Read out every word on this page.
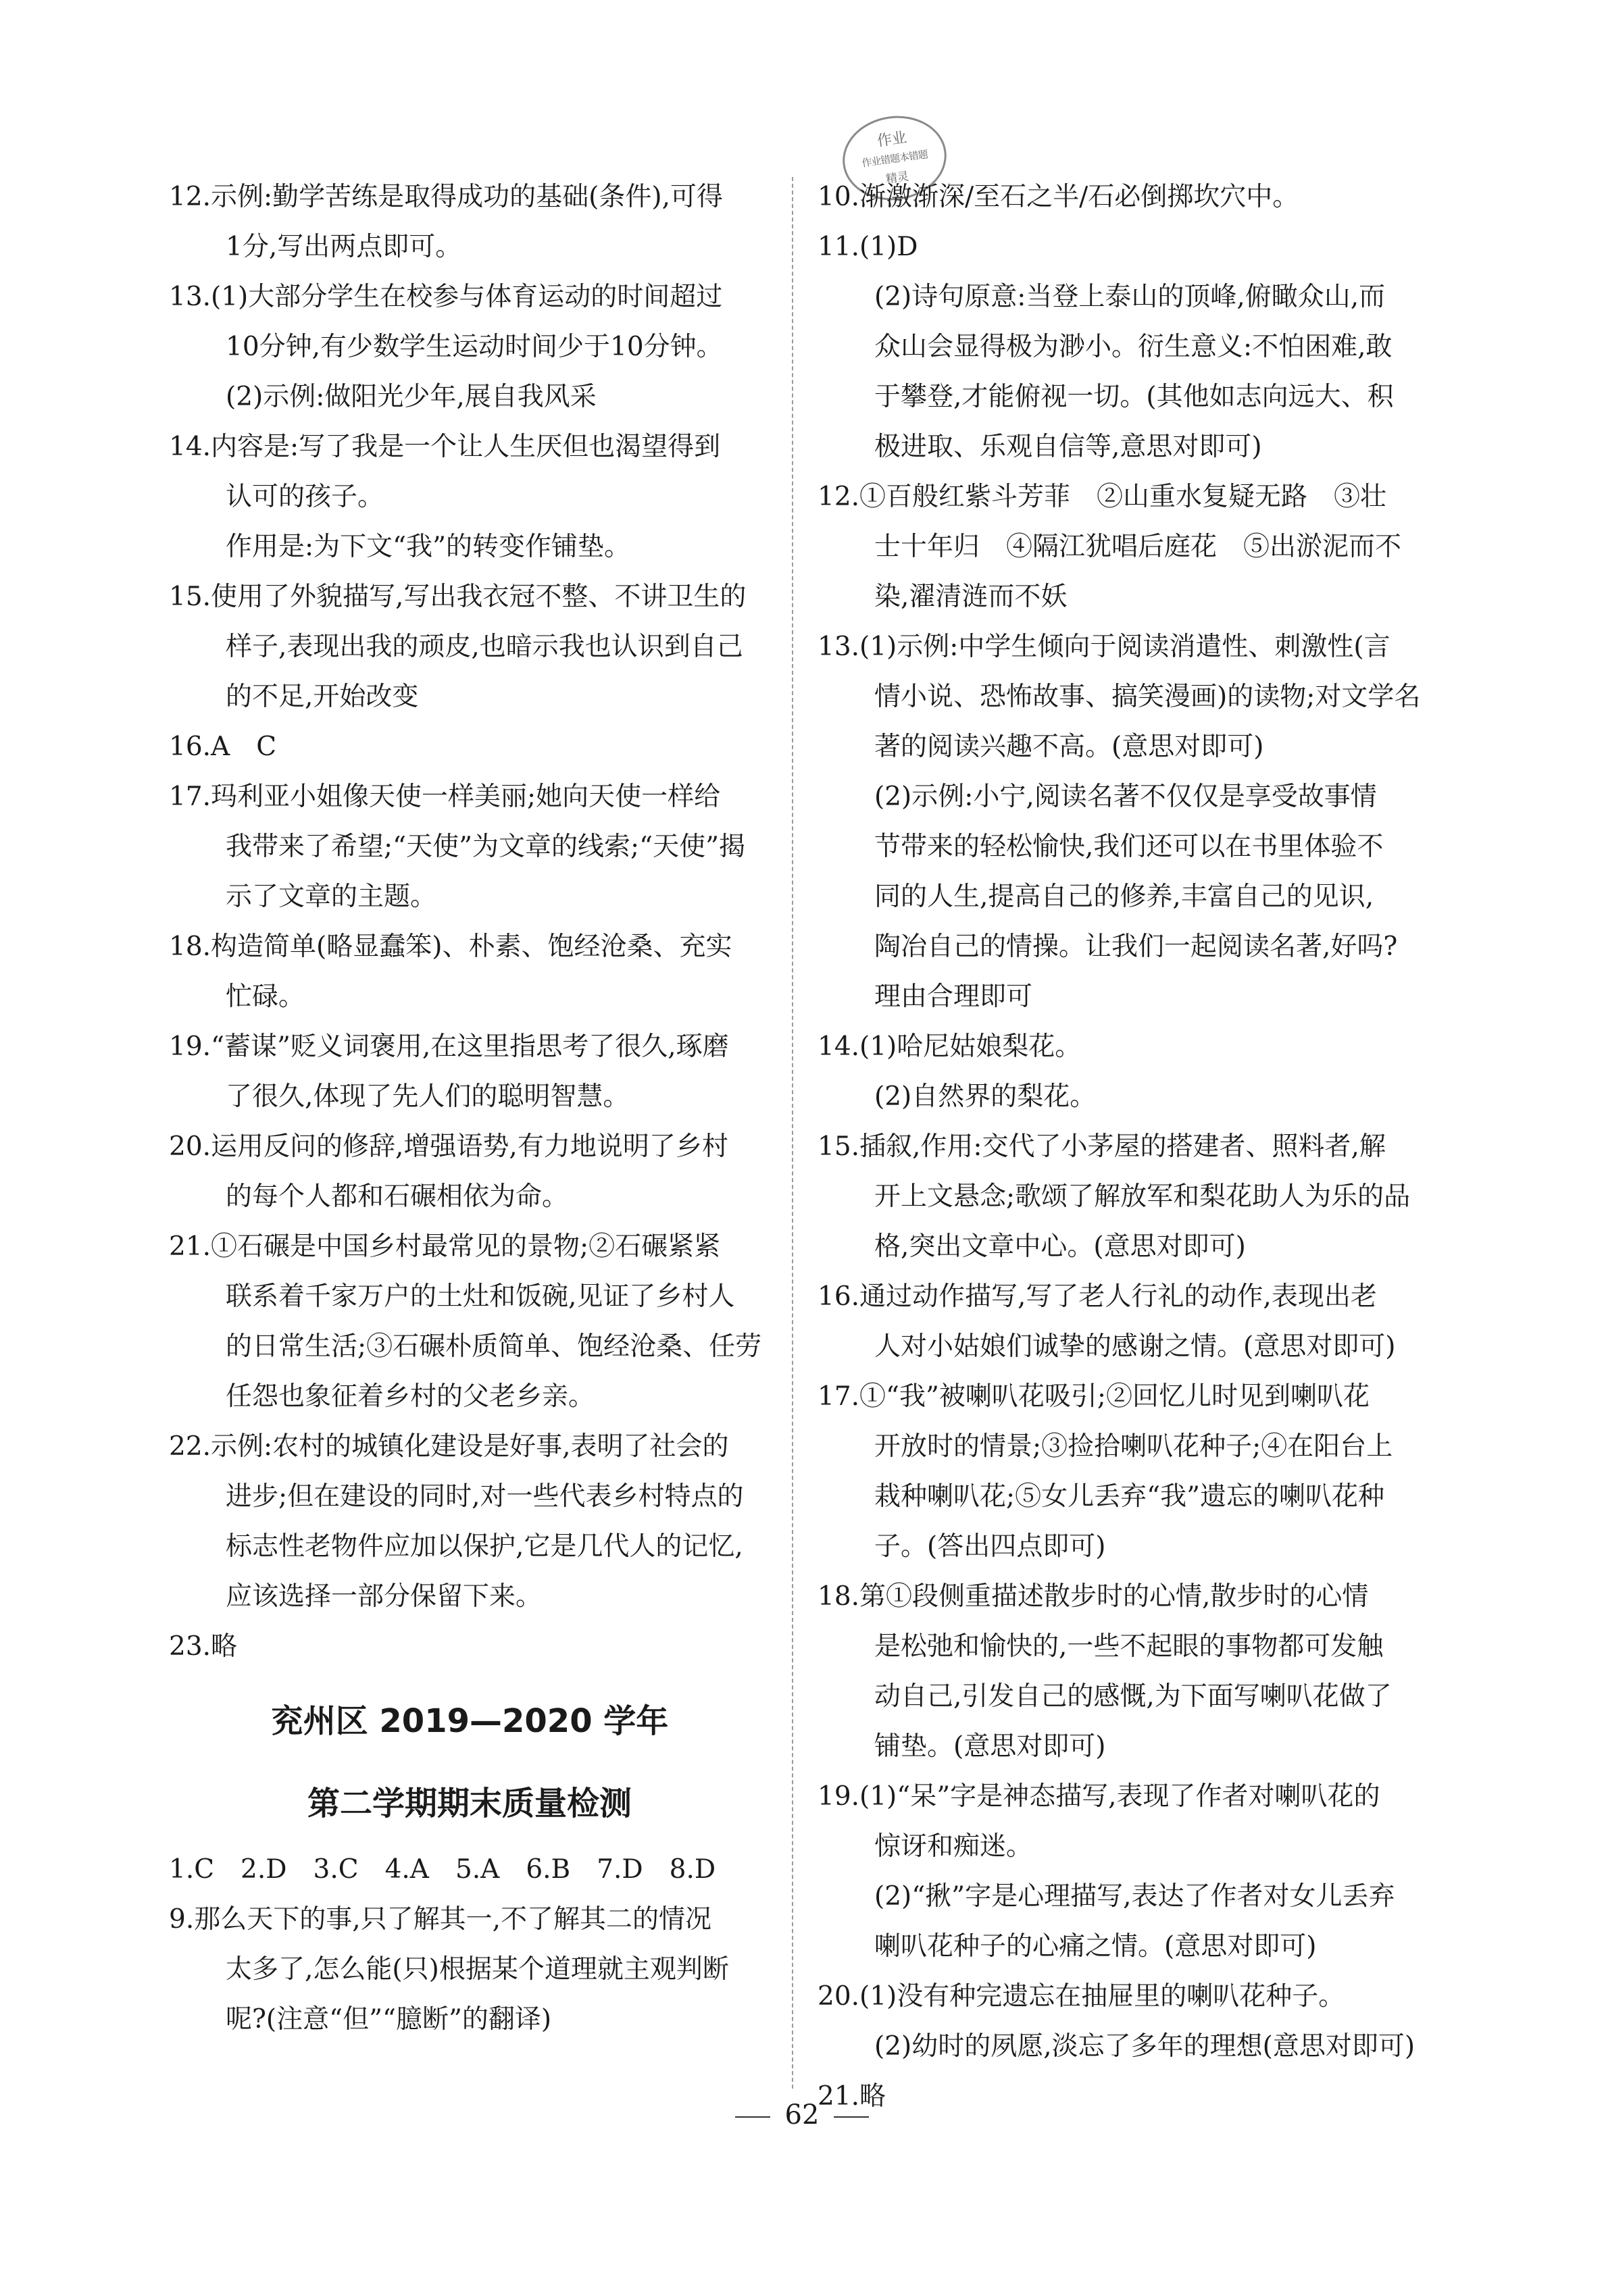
作业
作业错题本错题
精灵
12.示例:勤学苦练是取得成功的基础(条件),可得
1分,写出两点即可。
13.(1)大部分学生在校参与体育运动的时间超过
10分钟,有少数学生运动时间少于10分钟。
(2)示例:做阳光少年,展自我风采
14.内容是:写了我是一个让人生厌但也渴望得到
认可的孩子。
作用是:为下文“我”的转变作铺垫。
15.使用了外貌描写,写出我衣冠不整、不讲卫生的
样子,表现出我的顽皮,也暗示我也认识到自己
的不足,开始改变
16.A　C
17.玛利亚小姐像天使一样美丽;她向天使一样给
我带来了希望;“天使”为文章的线索;“天使”揭
示了文章的主题。
18.构造简单(略显蠢笨)、朴素、饱经沧桑、充实
忙碌。
19.“蓄谋”贬义词褒用,在这里指思考了很久,琢磨
了很久,体现了先人们的聪明智慧。
20.运用反问的修辞,增强语势,有力地说明了乡村
的每个人都和石碾相依为命。
21.①石碾是中国乡村最常见的景物;②石碾紧紧
联系着千家万户的土灶和饭碗,见证了乡村人
的日常生活;③石碾朴质简单、饱经沧桑、任劳
任怨也象征着乡村的父老乡亲。
22.示例:农村的城镇化建设是好事,表明了社会的
进步;但在建设的同时,对一些代表乡村特点的
标志性老物件应加以保护,它是几代人的记忆,
应该选择一部分保留下来。
23.略
兖州区 2019—2020 学年
第二学期期末质量检测
1.C　2.D　3.C　4.A　5.A　6.B　7.D　8.D
9.那么天下的事,只了解其一,不了解其二的情况
太多了,怎么能(只)根据某个道理就主观判断
呢?(注意“但”“臆断”的翻译)
10.渐激渐深/至石之半/石必倒掷坎穴中。
11.(1)D
(2)诗句原意:当登上泰山的顶峰,俯瞰众山,而
众山会显得极为渺小。衍生意义:不怕困难,敢
于攀登,才能俯视一切。(其他如志向远大、积
极进取、乐观自信等,意思对即可)
12.①百般红紫斗芳菲　②山重水复疑无路　③壮
士十年归　④隔江犹唱后庭花　⑤出淤泥而不
染,濯清涟而不妖
13.(1)示例:中学生倾向于阅读消遣性、刺激性(言
情小说、恐怖故事、搞笑漫画)的读物;对文学名
著的阅读兴趣不高。(意思对即可)
(2)示例:小宁,阅读名著不仅仅是享受故事情
节带来的轻松愉快,我们还可以在书里体验不
同的人生,提高自己的修养,丰富自己的见识,
陶冶自己的情操。让我们一起阅读名著,好吗?
理由合理即可
14.(1)哈尼姑娘梨花。
(2)自然界的梨花。
15.插叙,作用:交代了小茅屋的搭建者、照料者,解
开上文悬念;歌颂了解放军和梨花助人为乐的品
格,突出文章中心。(意思对即可)
16.通过动作描写,写了老人行礼的动作,表现出老
人对小姑娘们诚挚的感谢之情。(意思对即可)
17.①“我”被喇叭花吸引;②回忆儿时见到喇叭花
开放时的情景;③捡拾喇叭花种子;④在阳台上
栽种喇叭花;⑤女儿丢弃“我”遗忘的喇叭花种
子。(答出四点即可)
18.第①段侧重描述散步时的心情,散步时的心情
是松弛和愉快的,一些不起眼的事物都可发触
动自己,引发自己的感慨,为下面写喇叭花做了
铺垫。(意思对即可)
19.(1)“呆”字是神态描写,表现了作者对喇叭花的
惊讶和痴迷。
(2)“揪”字是心理描写,表达了作者对女儿丢弃
喇叭花种子的心痛之情。(意思对即可)
20.(1)没有种完遗忘在抽屉里的喇叭花种子。
(2)幼时的夙愿,淡忘了多年的理想(意思对即可)
21.略
62
